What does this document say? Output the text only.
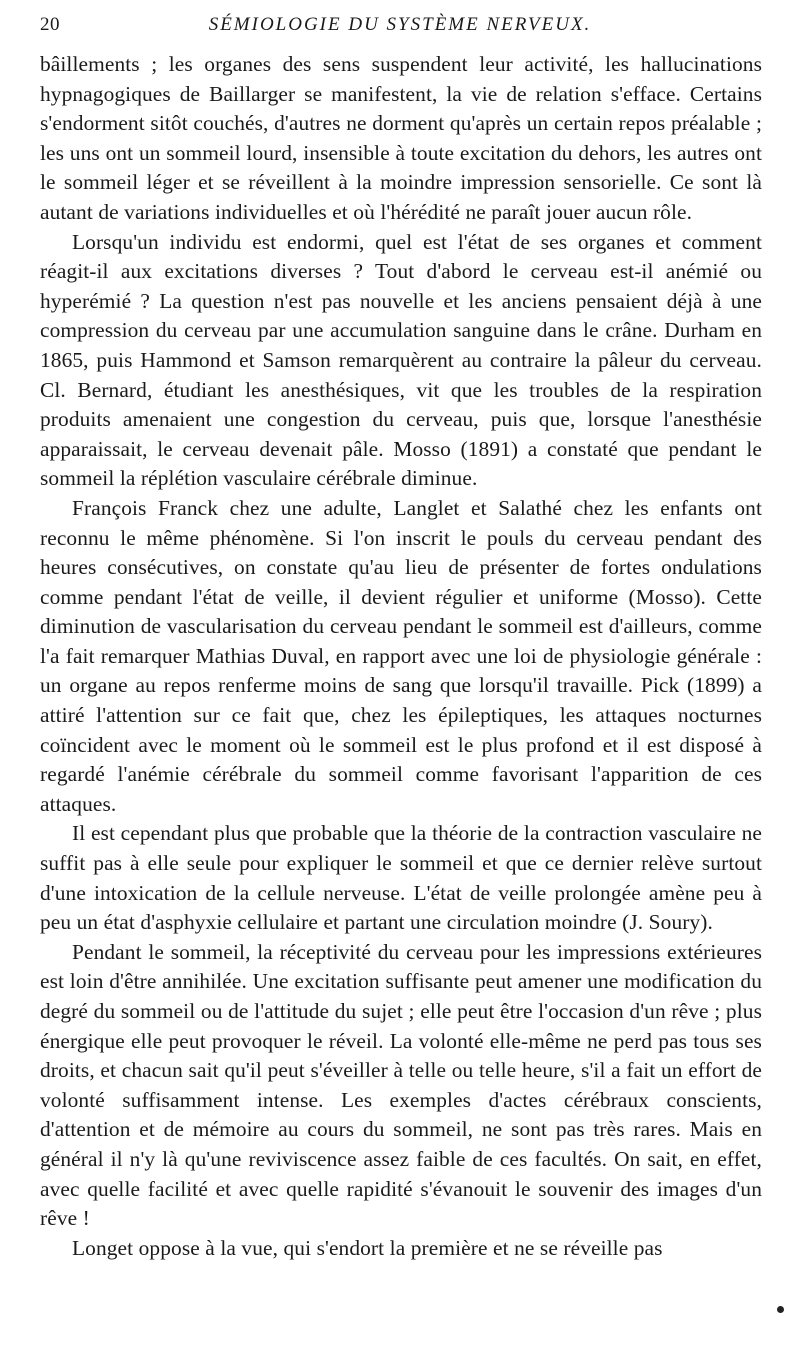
20	SÉMIOLOGIE DU SYSTÈME NERVEUX.

bâillements ; les organes des sens suspendent leur activité, les hallucinations hypnagogiques de Baillarger se manifestent, la vie de relation s'efface. Certains s'endorment sitôt couchés, d'autres ne dorment qu'après un certain repos préalable ; les uns ont un sommeil lourd, insensible à toute excitation du dehors, les autres ont le sommeil léger et se réveillent à la moindre impression sensorielle. Ce sont là autant de variations individuelles et où l'hérédité ne paraît jouer aucun rôle.

Lorsqu'un individu est endormi, quel est l'état de ses organes et comment réagit-il aux excitations diverses ? Tout d'abord le cerveau est-il anémié ou hyperémié ? La question n'est pas nouvelle et les anciens pensaient déjà à une compression du cerveau par une accumulation sanguine dans le crâne. Durham en 1865, puis Hammond et Samson remarquèrent au contraire la pâleur du cerveau. Cl. Bernard, étudiant les anesthésiques, vit que les troubles de la respiration produits amenaient une congestion du cerveau, puis que, lorsque l'anesthésie apparaissait, le cerveau devenait pâle. Mosso (1891) a constaté que pendant le sommeil la réplétion vasculaire cérébrale diminue.

François Franck chez une adulte, Langlet et Salathé chez les enfants ont reconnu le même phénomène. Si l'on inscrit le pouls du cerveau pendant des heures consécutives, on constate qu'au lieu de présenter de fortes ondulations comme pendant l'état de veille, il devient régulier et uniforme (Mosso). Cette diminution de vascularisation du cerveau pendant le sommeil est d'ailleurs, comme l'a fait remarquer Mathias Duval, en rapport avec une loi de physiologie générale : un organe au repos renferme moins de sang que lorsqu'il travaille. Pick (1899) a attiré l'attention sur ce fait que, chez les épileptiques, les attaques nocturnes coïncident avec le moment où le sommeil est le plus profond et il est disposé à regardé l'anémie cérébrale du sommeil comme favorisant l'apparition de ces attaques.

Il est cependant plus que probable que la théorie de la contraction vasculaire ne suffit pas à elle seule pour expliquer le sommeil et que ce dernier relève surtout d'une intoxication de la cellule nerveuse. L'état de veille prolongée amène peu à peu un état d'asphyxie cellulaire et partant une circulation moindre (J. Soury).

Pendant le sommeil, la réceptivité du cerveau pour les impressions extérieures est loin d'être annihilée. Une excitation suffisante peut amener une modification du degré du sommeil ou de l'attitude du sujet ; elle peut être l'occasion d'un rêve ; plus énergique elle peut provoquer le réveil. La volonté elle-même ne perd pas tous ses droits, et chacun sait qu'il peut s'éveiller à telle ou telle heure, s'il a fait un effort de volonté suffisamment intense. Les exemples d'actes cérébraux conscients, d'attention et de mémoire au cours du sommeil, ne sont pas très rares. Mais en général il n'y là qu'une reviviscence assez faible de ces facultés. On sait, en effet, avec quelle facilité et avec quelle rapidité s'évanouit le souvenir des images d'un rêve !

Longet oppose à la vue, qui s'endort la première et ne se réveille pas
